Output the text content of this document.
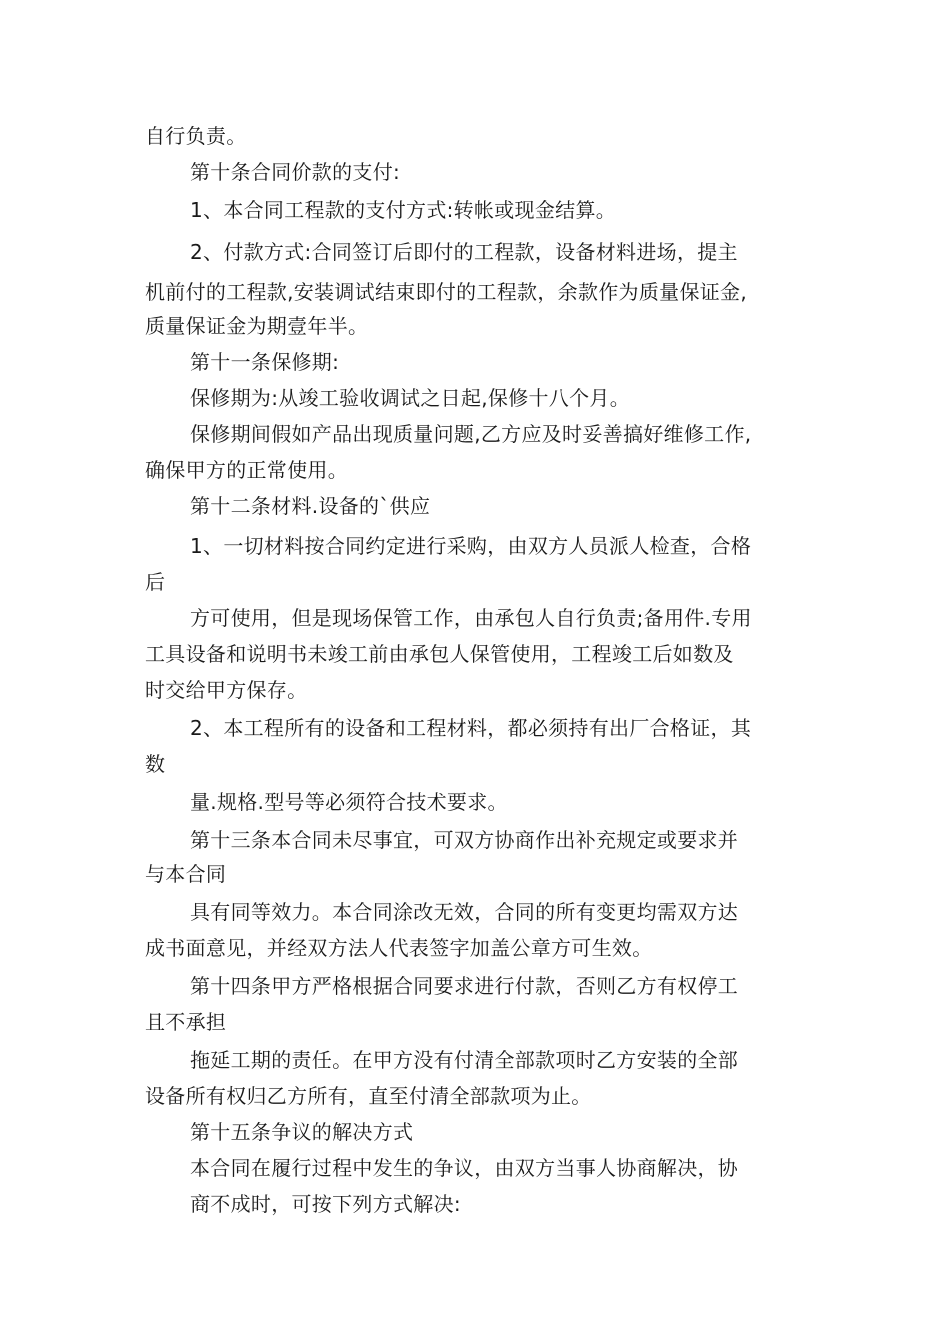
自行负责。
第十条合同价款的支付:
1、本合同工程款的支付方式:转帐或现金结算。
2、付款方式:合同签订后即付的工程款，设备材料进场，提主
机前付的工程款,安装调试结束即付的工程款，余款作为质量保证金,
质量保证金为期壹年半。
第十一条保修期:
保修期为:从竣工验收调试之日起,保修十八个月。
保修期间假如产品出现质量问题,乙方应及时妥善搞好维修工作,
确保甲方的正常使用。
第十二条材料.设备的`供应
1、一切材料按合同约定进行采购，由双方人员派人检查，合格
后
方可使用，但是现场保管工作，由承包人自行负责;备用件.专用
工具设备和说明书未竣工前由承包人保管使用，工程竣工后如数及
时交给甲方保存。
2、本工程所有的设备和工程材料，都必须持有出厂合格证，其
数
量.规格.型号等必须符合技术要求。
第十三条本合同未尽事宜，可双方协商作出补充规定或要求并
与本合同
具有同等效力。本合同涂改无效，合同的所有变更均需双方达
成书面意见，并经双方法人代表签字加盖公章方可生效。
第十四条甲方严格根据合同要求进行付款，否则乙方有权停工
且不承担
拖延工期的责任。在甲方没有付清全部款项时乙方安装的全部
设备所有权归乙方所有，直至付清全部款项为止。
第十五条争议的解决方式
本合同在履行过程中发生的争议，由双方当事人协商解决，协
商不成时，可按下列方式解决:
